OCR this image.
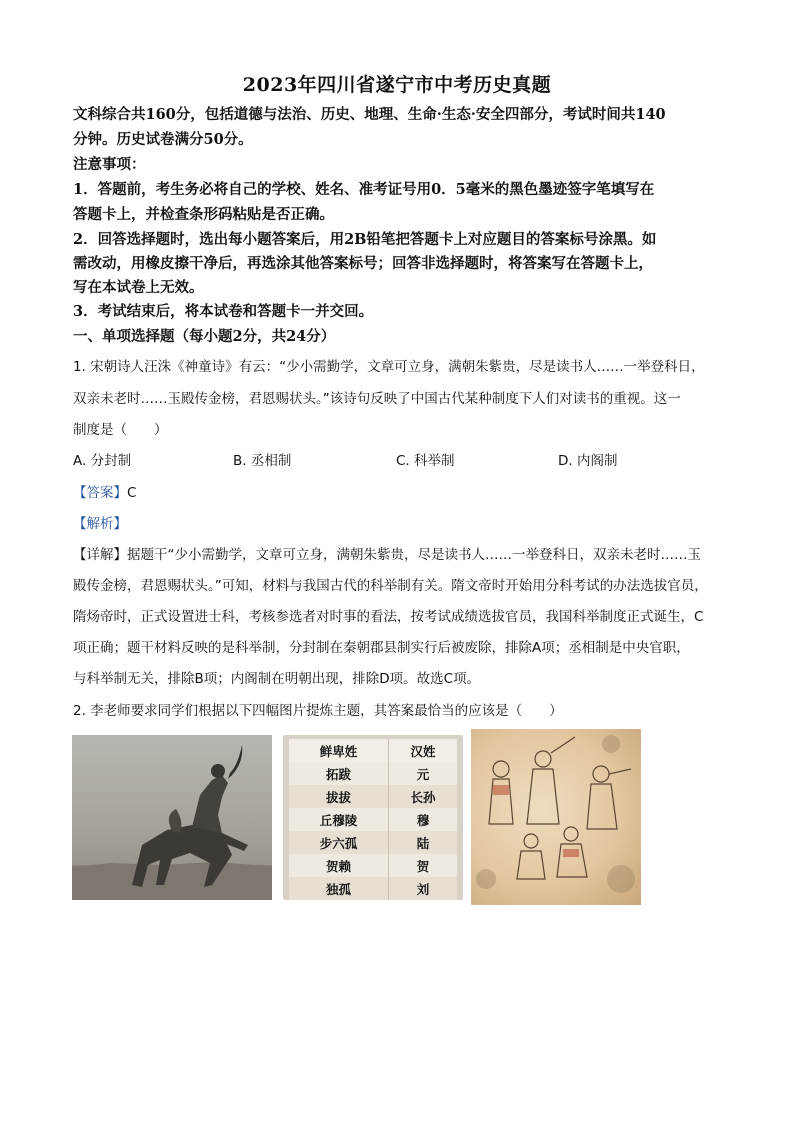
2023年四川省遂宁市中考历史真题
文科综合共160分，包括道德与法治、历史、地理、生命·生态·安全四部分，考试时间共140
分钟。历史试卷满分50分。
注意事项：
1．答题前，考生务必将自己的学校、姓名、准考证号用0．5毫米的黑色墨迹签字笔填写在
答题卡上，并检查条形码粘贴是否正确。
2．回答选择题时，选出每小题答案后，用2B铅笔把答题卡上对应题目的答案标号涂黑。如
需改动，用橡皮擦干净后，再选涂其他答案标号；回答非选择题时，将答案写在答题卡上，
写在本试卷上无效。
3．考试结束后，将本试卷和答题卡一并交回。
一、单项选择题（每小题2分，共24分）
1. 宋朝诗人汪洙《神童诗》有云：“少小需勤学，文章可立身，满朝朱紫贵，尽是读书人……一举登科日，
双亲未老时……玉殿传金榜，君恩赐状头。”该诗句反映了中国古代某种制度下人们对读书的重视。这一
制度是（　　）
A. 分封制	B. 丞相制	C. 科举制	D. 内阁制
【答案】C
【解析】
【详解】据题干“少小需勤学，文章可立身，满朝朱紫贵，尽是读书人……一举登科日，双亲未老时……玉
殿传金榜，君恩赐状头。”可知，材料与我国古代的科举制有关。隋文帝时开始用分科考试的办法选拔官员，
隋炀帝时，正式设置进士科，考核参选者对时事的看法，按考试成绩选拔官员，我国科举制度正式诞生，C
项正确；题干材料反映的是科举制，分封制在秦朝郡县制实行后被废除，排除A项；丞相制是中央官职，
与科举制无关，排除B项；内阁制在明朝出现，排除D项。故选C项。
2. 李老师要求同学们根据以下四幅图片提炼主题，其答案最恰当的应该是（　　）
鲜卑姓	汉姓
拓跋	元
拔拔	长孙
丘穆陵	穆
步六孤	陆
贺赖	贺
独孤	刘
